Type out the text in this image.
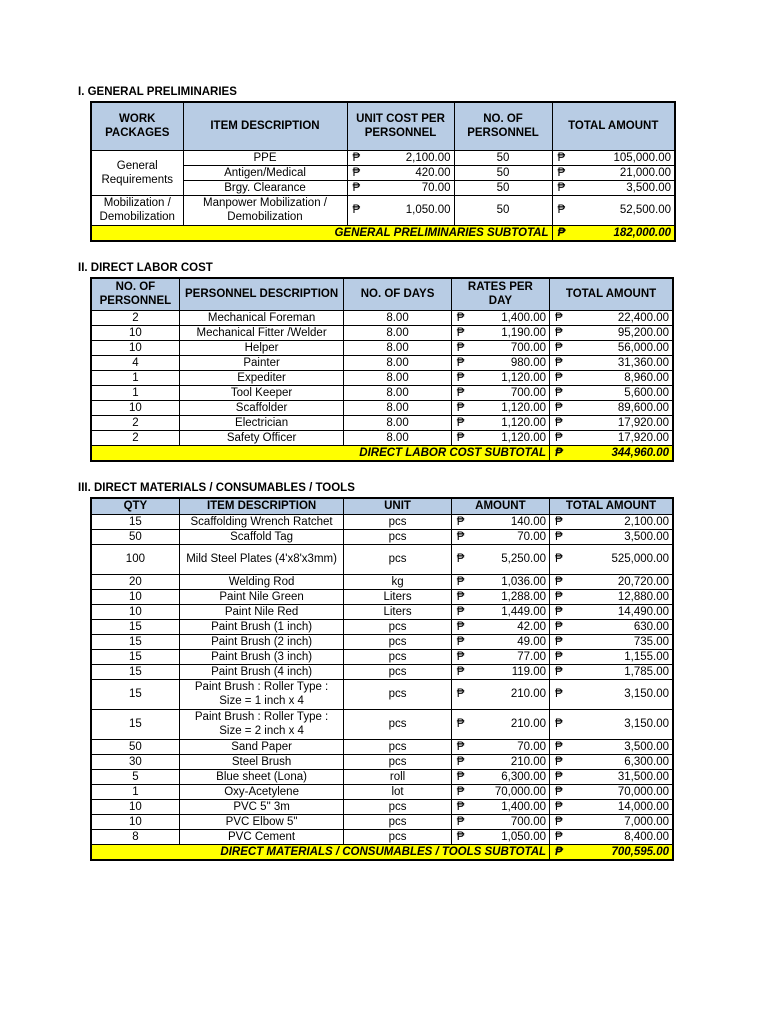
I. GENERAL PRELIMINARIES
WORK PACKAGES	ITEM DESCRIPTION	UNIT COST PER PERSONNEL	NO. OF PERSONNEL	TOTAL AMOUNT
General Requirements	PPE	₱ 2,100.00	50	₱ 105,000.00

	Antigen/Medical	₱ 420.00	50	₱ 21,000.00

	Brgy. Clearance	₱ 70.00	50	₱ 3,500.00

Mobilization / Demobilization	Manpower Mobilization / Demobilization	₱ 1,050.00	50	₱ 52,500.00

GENERAL PRELIMINARIES SUBTOTAL				₱ 182,000.00
II. DIRECT LABOR COST
NO. OF PERSONNEL	PERSONNEL DESCRIPTION	NO. OF DAYS	RATES PER DAY	TOTAL AMOUNT
2	Mechanical Foreman	8.00	₱ 1,400.00	₱ 22,400.00

10	Mechanical Fitter /Welder	8.00	₱ 1,190.00	₱ 95,200.00

10	Helper	8.00	₱ 700.00	₱ 56,000.00

4	Painter	8.00	₱ 980.00	₱ 31,360.00

1	Expediter	8.00	₱ 1,120.00	₱ 8,960.00

1	Tool Keeper	8.00	₱ 700.00	₱ 5,600.00

10	Scaffolder	8.00	₱ 1,120.00	₱ 89,600.00

2	Electrician	8.00	₱ 1,120.00	₱ 17,920.00

2	Safety Officer	8.00	₱ 1,120.00	₱ 17,920.00

DIRECT LABOR COST SUBTOTAL				₱ 344,960.00
III. DIRECT MATERIALS / CONSUMABLES / TOOLS
QTY	ITEM DESCRIPTION	UNIT	AMOUNT	TOTAL AMOUNT
15	Scaffolding Wrench Ratchet	pcs	₱ 140.00	₱ 2,100.00

50	Scaffold Tag	pcs	₱ 70.00	₱ 3,500.00

100	Mild Steel Plates (4'x8'x3mm)	pcs	₱ 5,250.00	₱ 525,000.00

20	Welding Rod	kg	₱ 1,036.00	₱ 20,720.00

10	Paint Nile Green	Liters	₱ 1,288.00	₱ 12,880.00

10	Paint Nile Red	Liters	₱ 1,449.00	₱ 14,490.00

15	Paint Brush (1 inch)	pcs	₱ 42.00	₱ 630.00

15	Paint Brush (2 inch)	pcs	₱ 49.00	₱ 735.00

15	Paint Brush (3 inch)	pcs	₱ 77.00	₱ 1,155.00

15	Paint Brush (4 inch)	pcs	₱ 119.00	₱ 1,785.00

15	Paint Brush : Roller Type : Size = 1 inch x 4	pcs	₱ 210.00	₱ 3,150.00

15	Paint Brush : Roller Type : Size = 2 inch x 4	pcs	₱ 210.00	₱ 3,150.00

50	Sand Paper	pcs	₱ 70.00	₱ 3,500.00

30	Steel Brush	pcs	₱ 210.00	₱ 6,300.00

5	Blue sheet (Lona)	roll	₱ 6,300.00	₱ 31,500.00

1	Oxy-Acetylene	lot	₱ 70,000.00	₱ 70,000.00

10	PVC 5" 3m	pcs	₱ 1,400.00	₱ 14,000.00

10	PVC Elbow 5"	pcs	₱ 700.00	₱ 7,000.00

8	PVC Cement	pcs	₱ 1,050.00	₱ 8,400.00

DIRECT MATERIALS / CONSUMABLES / TOOLS SUBTOTAL				₱ 700,595.00
